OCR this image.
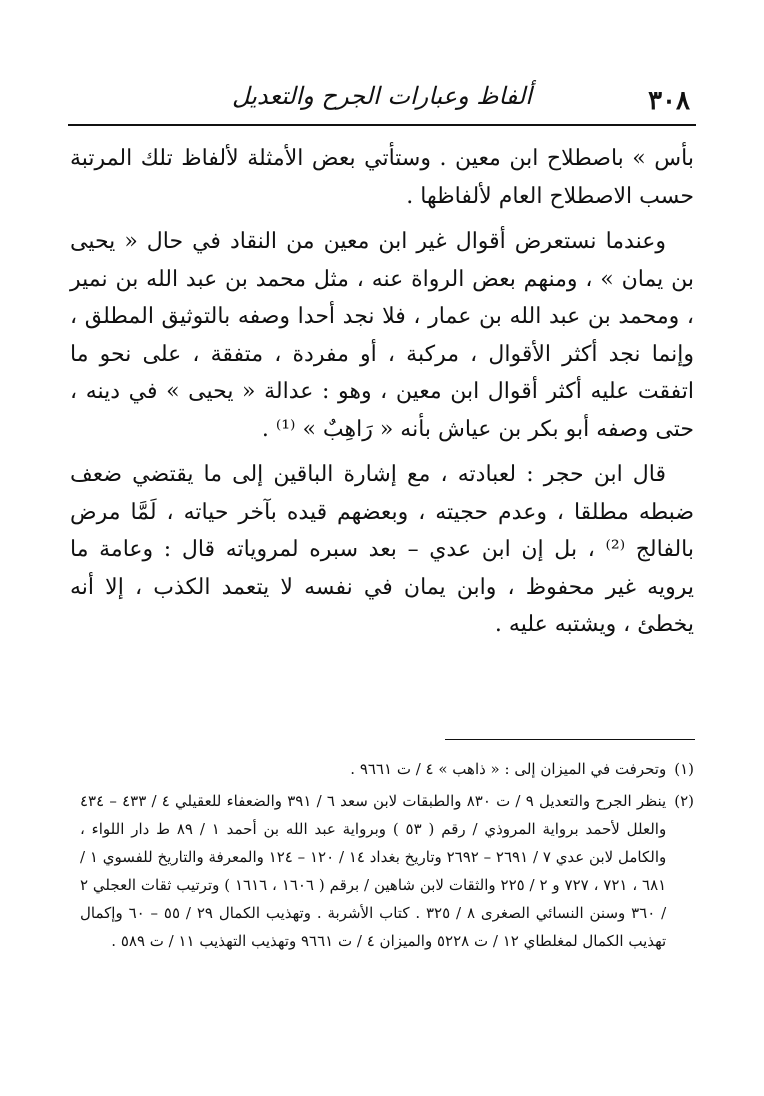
٣٠٨
ألفاظ وعبارات الجرح والتعديل

بأس » باصطلاح ابن معين . وستأتي بعض الأمثلة لألفاظ تلك المرتبة حسب الاصطلاح العام لألفاظها .

وعندما نستعرض أقوال غير ابن معين من النقاد في حال « يحيى بن يمان » ، ومنهم بعض الرواة عنه ، مثل محمد بن عبد الله بن نمير ، ومحمد بن عبد الله بن عمار ، فلا نجد أحدا وصفه بالتوثيق المطلق ، وإنما نجد أكثر الأقوال ، مركبة ، أو مفردة ، متفقة ، على نحو ما اتفقت عليه أكثر أقوال ابن معين ، وهو : عدالة « يحيى » في دينه ، حتى وصفه أبو بكر بن عياش بأنه « رَاهِبٌ » ⁽¹⁾ .

قال ابن حجر : لعبادته ، مع إشارة الباقين إلى ما يقتضي ضعف ضبطه مطلقا ، وعدم حجيته ، وبعضهم قيده بآخر حياته ، لَمَّا مرض بالفالج ⁽²⁾ ، بل إن ابن عدي – بعد سبره لمروياته قال : وعامة ما يرويه غير محفوظ ، وابن يمان في نفسه لا يتعمد الكذب ، إلا أنه يخطئ ، ويشتبه عليه .

(١)
وتحرفت في الميزان إلى : « ذاهب » ٤ / ت ٩٦٦١ .
(٢)
ينظر الجرح والتعديل ٩ / ت ٨٣٠ والطبقات لابن سعد ٦ / ٣٩١ والضعفاء للعقيلي ٤ / ٤٣٣ – ٤٣٤ والعلل لأحمد برواية المروذي / رقم ( ٥٣ ) وبرواية عبد الله بن أحمد ١ / ٨٩ ط دار اللواء ، والكامل لابن عدي ٧ / ٢٦٩١ – ٢٦٩٢ وتاريخ بغداد ١٤ / ١٢٠ – ١٢٤ والمعرفة والتاريخ للفسوي ١ / ٦٨١ ، ٧٢١ ، ٧٢٧ و ٢ / ٢٢٥ والثقات لابن شاهين / برقم ( ١٦٠٦ ، ١٦١٦ ) وترتيب ثقات العجلي ٢ / ٣٦٠ وسنن النسائي الصغرى ٨ / ٣٢٥ . كتاب الأشربة . وتهذيب الكمال ٢٩ / ٥٥ – ٦٠ وإكمال تهذيب الكمال لمغلطاي ١٢ / ت ٥٢٢٨ والميزان ٤ / ت ٩٦٦١ وتهذيب التهذيب ١١ / ت ٥٨٩ .
